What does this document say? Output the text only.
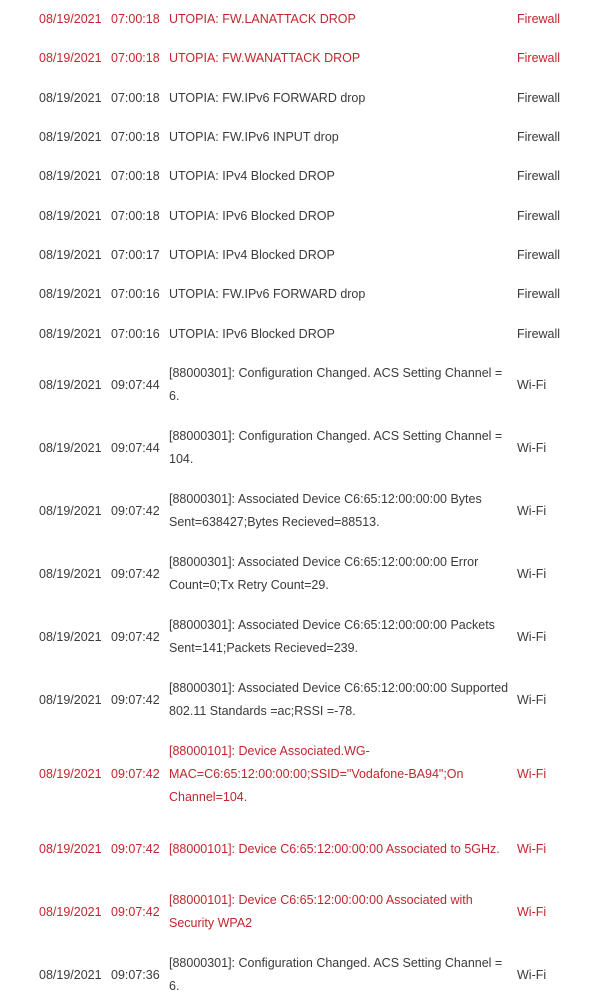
08/19/2021	07:00:18	UTOPIA: FW.LANATTACK DROP	Firewall
08/19/2021	07:00:18	UTOPIA: FW.WANATTACK DROP	Firewall
08/19/2021	07:00:18	UTOPIA: FW.IPv6 FORWARD drop	Firewall
08/19/2021	07:00:18	UTOPIA: FW.IPv6 INPUT drop	Firewall
08/19/2021	07:00:18	UTOPIA: IPv4 Blocked DROP	Firewall
08/19/2021	07:00:18	UTOPIA: IPv6 Blocked DROP	Firewall
08/19/2021	07:00:17	UTOPIA: IPv4 Blocked DROP	Firewall
08/19/2021	07:00:16	UTOPIA: FW.IPv6 FORWARD drop	Firewall
08/19/2021	07:00:16	UTOPIA: IPv6 Blocked DROP	Firewall
08/19/2021	09:07:44	[88000301]: Configuration Changed. ACS Setting Channel = 6.	Wi-Fi
08/19/2021	09:07:44	[88000301]: Configuration Changed. ACS Setting Channel = 104.	Wi-Fi
08/19/2021	09:07:42	[88000301]: Associated Device C6:65:12:00:00:00 Bytes Sent=638427;Bytes Recieved=88513.	Wi-Fi
08/19/2021	09:07:42	[88000301]: Associated Device C6:65:12:00:00:00 Error Count=0;Tx Retry Count=29.	Wi-Fi
08/19/2021	09:07:42	[88000301]: Associated Device C6:65:12:00:00:00 Packets Sent=141;Packets Recieved=239.	Wi-Fi
08/19/2021	09:07:42	[88000301]: Associated Device C6:65:12:00:00:00 Supported 802.11 Standards =ac;RSSI =-78.	Wi-Fi
08/19/2021	09:07:42	[88000101]: Device Associated.WG-MAC=C6:65:12:00:00:00;SSID="Vodafone-BA94";On Channel=104.	Wi-Fi
08/19/2021	09:07:42	[88000101]: Device C6:65:12:00:00:00 Associated to 5GHz.	Wi-Fi
08/19/2021	09:07:42	[88000101]: Device C6:65:12:00:00:00 Associated with Security WPA2	Wi-Fi
08/19/2021	09:07:36	[88000301]: Configuration Changed. ACS Setting Channel = 6.	Wi-Fi
